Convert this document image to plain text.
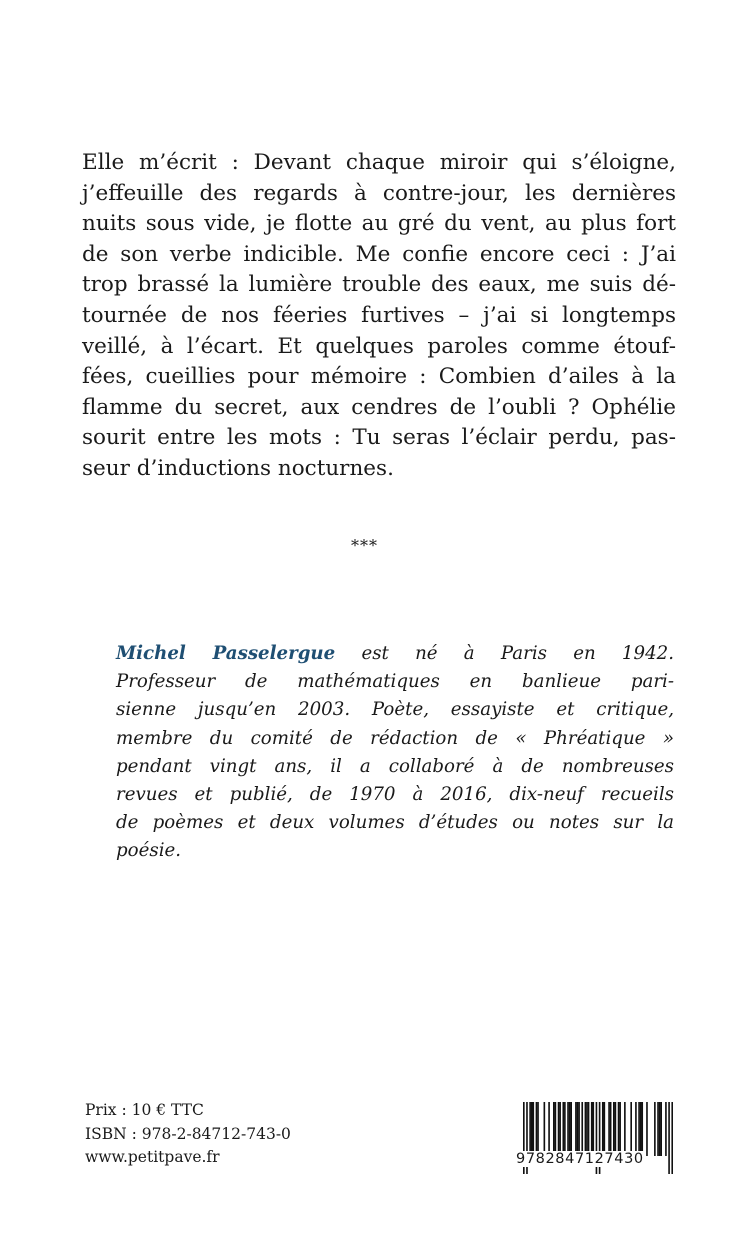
Elle m’écrit : Devant chaque miroir qui s’éloigne,
j’effeuille des regards à contre-jour, les dernières
nuits sous vide, je flotte au gré du vent, au plus fort
de son verbe indicible. Me confie encore ceci : J’ai
trop brassé la lumière trouble des eaux, me suis dé-
tournée de nos féeries furtives – j’ai si longtemps
veillé, à l’écart. Et quelques paroles comme étouf-
fées, cueillies pour mémoire : Combien d’ailes à la
flamme du secret, aux cendres de l’oubli ? Ophélie
sourit entre les mots : Tu seras l’éclair perdu, pas-
seur d’inductions nocturnes.
***
Michel Passelergue est né à Paris en 1942.
Professeur de mathématiques en banlieue pari-
sienne jusqu’en 2003. Poète, essayiste et critique,
membre du comité de rédaction de « Phréatique »
pendant vingt ans, il a collaboré à de nombreuses
revues et publié, de 1970 à 2016, dix-neuf recueils
de poèmes et deux volumes d’études ou notes sur la
poésie.
Prix : 10 € TTC
ISBN : 978-2-84712-743-0
www.petitpave.fr	9782847127430
